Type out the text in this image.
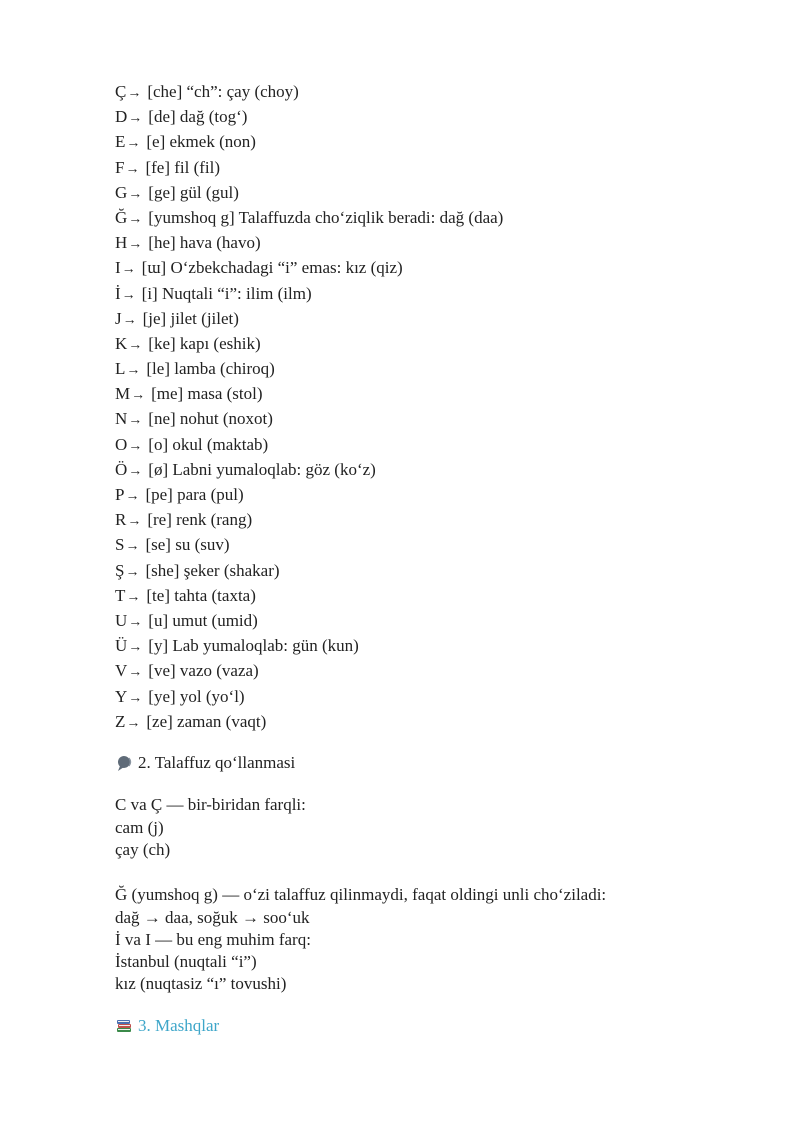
Ç→ [che] “ch”: çay (choy)
D→ [de] dağ (tog‘)
E→ [e] ekmek (non)
F→ [fe] fil (fil)
G→ [ge] gül (gul)
Ğ→ [yumshoq g] Talaffuzda cho‘ziqlik beradi: dağ (daa)
H→ [he] hava (havo)
I→ [ɯ] O‘zbekchadagi “i” emas: kız (qiz)
İ→ [i] Nuqtali “i”: ilim (ilm)
J→ [je] jilet (jilet)
K→ [ke] kapı (eshik)
L→ [le] lamba (chiroq)
M→ [me] masa (stol)
N→ [ne] nohut (noxot)
O→ [o] okul (maktab)
Ö→ [ø] Labni yumaloqlab: göz (ko‘z)
P→ [pe] para (pul)
R→ [re] renk (rang)
S→ [se] su (suv)
Ş→ [she] şeker (shakar)
T→ [te] tahta (taxta)
U→ [u] umut (umid)
Ü→ [y] Lab yumaloqlab: gün (kun)
V→ [ve] vazo (vaza)
Y→ [ye] yol (yo‘l)
Z→ [ze] zaman (vaqt)
2. Talaffuz qo‘llanmasi
C va Ç — bir-biridan farqli:
cam (j)
çay (ch)
Ğ (yumshoq g) — o‘zi talaffuz qilinmaydi, faqat oldingi unli cho‘ziladi:
dağ → daa, soğuk → soo‘uk
İ va I — bu eng muhim farq:
İstanbul (nuqtali “i”)
kız (nuqtasiz “ı” tovushi)
3. Mashqlar
